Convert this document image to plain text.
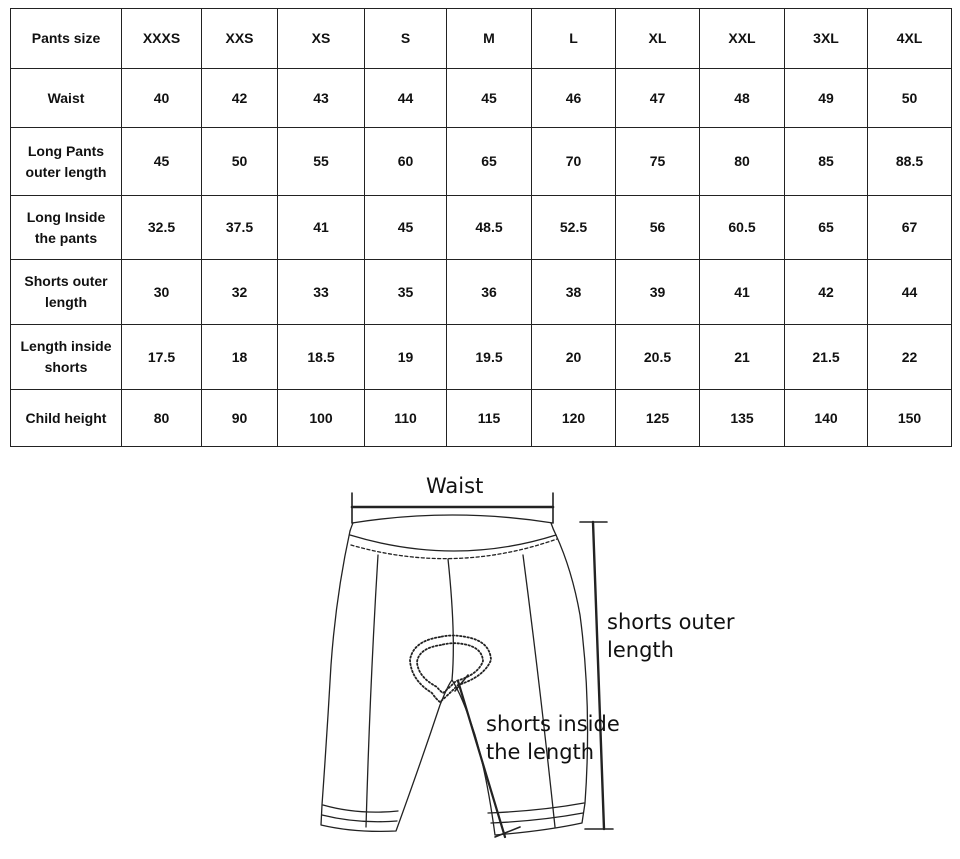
Pants size	XXXS	XXS	XS	S	M	L	XL	XXL	3XL	4XL
Waist	40	42	43	44	45	46	47	48	49	50
Long Pants
outer length	45	50	55	60	65	70	75	80	85	88.5
Long Inside
the pants	32.5	37.5	41	45	48.5	52.5	56	60.5	65	67
Shorts outer
length	30	32	33	35	36	38	39	41	42	44
Length inside
shorts	17.5	18	18.5	19	19.5	20	20.5	21	21.5	22
Child height	80	90	100	110	115	120	125	135	140	150
Waist
shorts outer
length
shorts inside
the length
